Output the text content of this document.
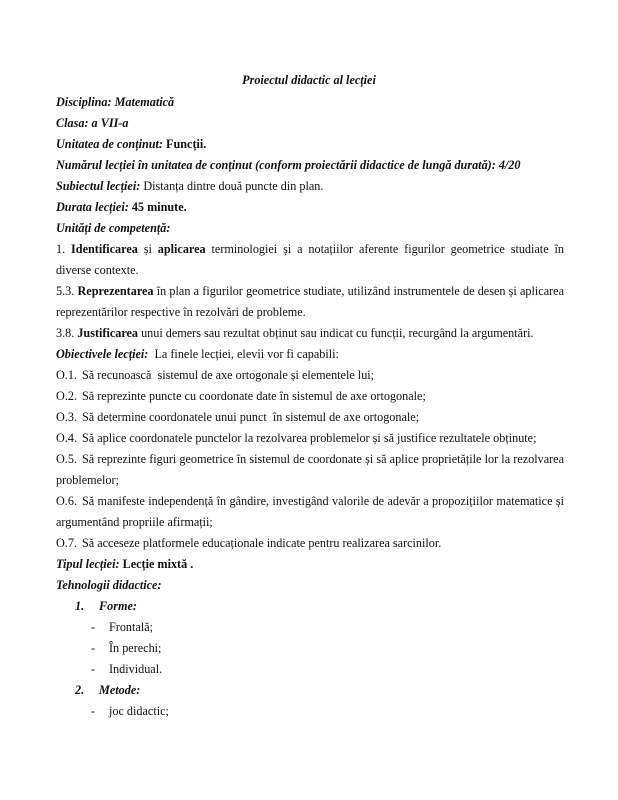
Proiectul didactic al lecției
Disciplina: Matematică
Clasa: a VII-a
Unitatea de conținut: Funcții.
Numărul lecției în unitatea de conținut (conform proiectării didactice de lungă durată): 4/20
Subiectul lecției: Distanța dintre două puncte din plan.
Durata lecției: 45 minute.
Unități de competență:
1. Identificarea și aplicarea terminologiei și a notațiilor aferente figurilor geometrice studiate în
diverse contexte.
5.3. Reprezentarea în plan a figurilor geometrice studiate, utilizând instrumentele de desen și aplicarea
reprezentărilor respective în rezolvări de probleme.
3.8. Justificarea unui demers sau rezultat obținut sau indicat cu funcții, recurgând la argumentări.
Obiectivele lecției:  La finele lecției, elevii vor fi capabili:
O.1. Să recunoască  sistemul de axe ortogonale și elementele lui;
O.2. Să reprezinte puncte cu coordonate date în sistemul de axe ortogonale;
O.3. Să determine coordonatele unui punct  în sistemul de axe ortogonale;
O.4. Să aplice coordonatele punctelor la rezolvarea problemelor și să justifice rezultatele obținute;
O.5. Să reprezinte figuri geometrice în sistemul de coordonate și să aplice proprietățile lor la rezolvarea
problemelor;
O.6. Să manifeste independență în gândire, investigând valorile de adevăr a propozițiilor matematice și
argumentând propriile afirmații;
O.7. Să acceseze platformele educaționale indicate pentru realizarea sarcinilor.
Tipul lecției: Lecție mixtă .
Tehnologii didactice:
1. Forme:
- Frontală;
- În perechi;
- Individual.
2. Metode:
- joc didactic;
